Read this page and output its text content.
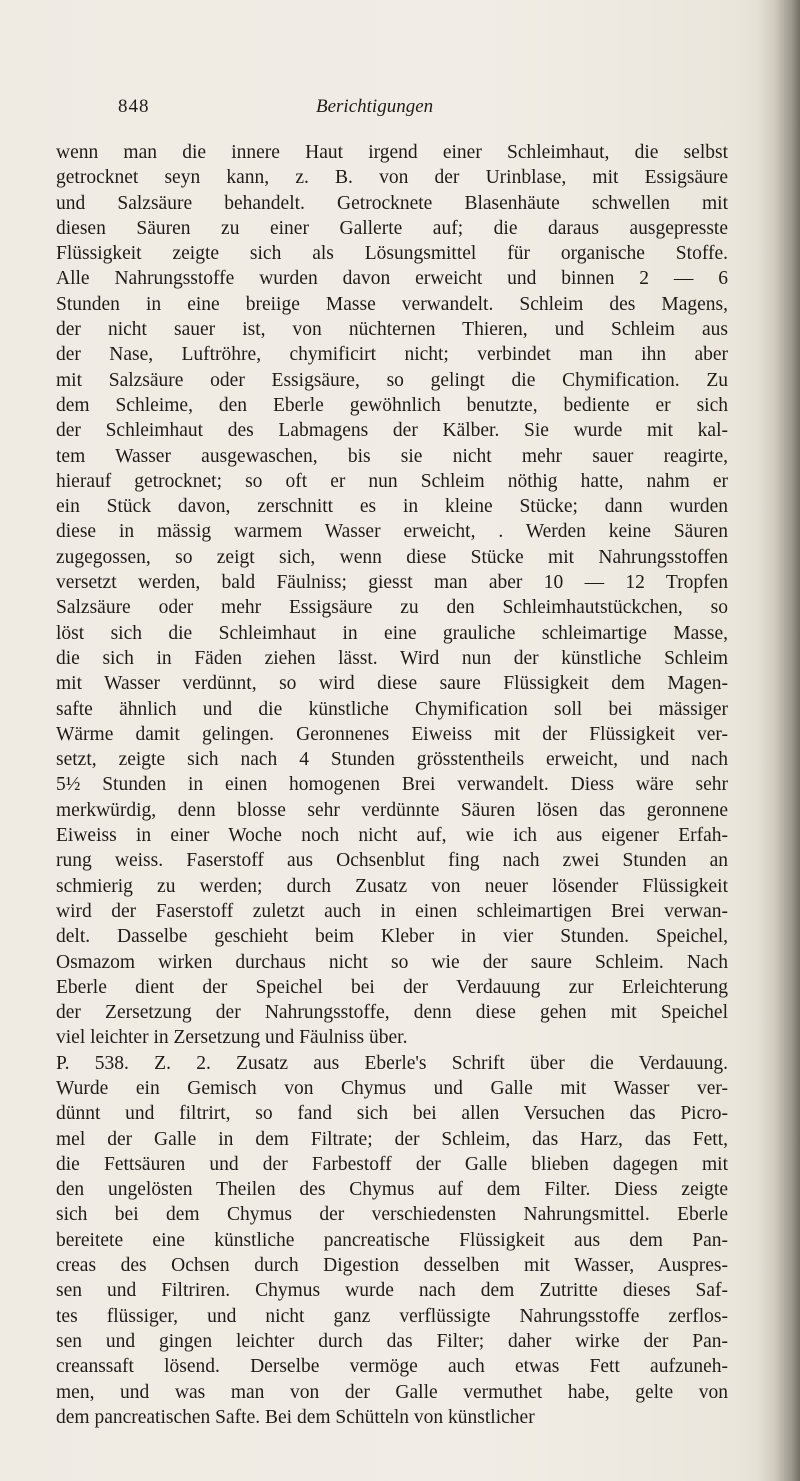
848	Berichtigungen
wenn man die innere Haut irgend einer Schleimhaut, die selbst
getrocknet seyn kann, z. B. von der Urinblase, mit Essigsäure
und Salzsäure behandelt. Getrocknete Blasenhäute schwellen mit
diesen Säuren zu einer Gallerte auf; die daraus ausgepresste
Flüssigkeit zeigte sich als Lösungsmittel für organische Stoffe.
Alle Nahrungsstoffe wurden davon erweicht und binnen 2 — 6
Stunden in eine breiige Masse verwandelt. Schleim des Magens,
der nicht sauer ist, von nüchternen Thieren, und Schleim aus
der Nase, Luftröhre, chymificirt nicht; verbindet man ihn aber
mit Salzsäure oder Essigsäure, so gelingt die Chymification. Zu
dem Schleime, den Eberle gewöhnlich benutzte, bediente er sich
der Schleimhaut des Labmagens der Kälber. Sie wurde mit kal-
tem Wasser ausgewaschen, bis sie nicht mehr sauer reagirte,
hierauf getrocknet; so oft er nun Schleim nöthig hatte, nahm er
ein Stück davon, zerschnitt es in kleine Stücke; dann wurden
diese in mässig warmem Wasser erweicht, . Werden keine Säuren
zugegossen, so zeigt sich, wenn diese Stücke mit Nahrungsstoffen
versetzt werden, bald Fäulniss; giesst man aber 10 — 12 Tropfen
Salzsäure oder mehr Essigsäure zu den Schleimhautstückchen, so
löst sich die Schleimhaut in eine grauliche schleimartige Masse,
die sich in Fäden ziehen lässt. Wird nun der künstliche Schleim
mit Wasser verdünnt, so wird diese saure Flüssigkeit dem Magen-
safte ähnlich und die künstliche Chymification soll bei mässiger
Wärme damit gelingen. Geronnenes Eiweiss mit der Flüssigkeit ver-
setzt, zeigte sich nach 4 Stunden grösstentheils erweicht, und nach
5½ Stunden in einen homogenen Brei verwandelt. Diess wäre sehr
merkwürdig, denn blosse sehr verdünnte Säuren lösen das geronnene
Eiweiss in einer Woche noch nicht auf, wie ich aus eigener Erfah-
rung weiss. Faserstoff aus Ochsenblut fing nach zwei Stunden an
schmierig zu werden; durch Zusatz von neuer lösender Flüssigkeit
wird der Faserstoff zuletzt auch in einen schleimartigen Brei verwan-
delt. Dasselbe geschieht beim Kleber in vier Stunden. Speichel,
Osmazom wirken durchaus nicht so wie der saure Schleim. Nach
Eberle dient der Speichel bei der Verdauung zur Erleichterung
der Zersetzung der Nahrungsstoffe, denn diese gehen mit Speichel
viel leichter in Zersetzung und Fäulniss über.
P. 538. Z. 2. Zusatz aus Eberle's Schrift über die Verdauung.
Wurde ein Gemisch von Chymus und Galle mit Wasser ver-
dünnt und filtrirt, so fand sich bei allen Versuchen das Picro-
mel der Galle in dem Filtrate; der Schleim, das Harz, das Fett,
die Fettsäuren und der Farbestoff der Galle blieben dagegen mit
den ungelösten Theilen des Chymus auf dem Filter. Diess zeigte
sich bei dem Chymus der verschiedensten Nahrungsmittel. Eberle
bereitete eine künstliche pancreatische Flüssigkeit aus dem Pan-
creas des Ochsen durch Digestion desselben mit Wasser, Auspres-
sen und Filtriren. Chymus wurde nach dem Zutritte dieses Saf-
tes flüssiger, und nicht ganz verflüssigte Nahrungsstoffe zerflos-
sen und gingen leichter durch das Filter; daher wirke der Pan-
creanssaft lösend. Derselbe vermöge auch etwas Fett aufzuneh-
men, und was man von der Galle vermuthet habe, gelte von
dem pancreatischen Safte. Bei dem Schütteln von künstlicher
